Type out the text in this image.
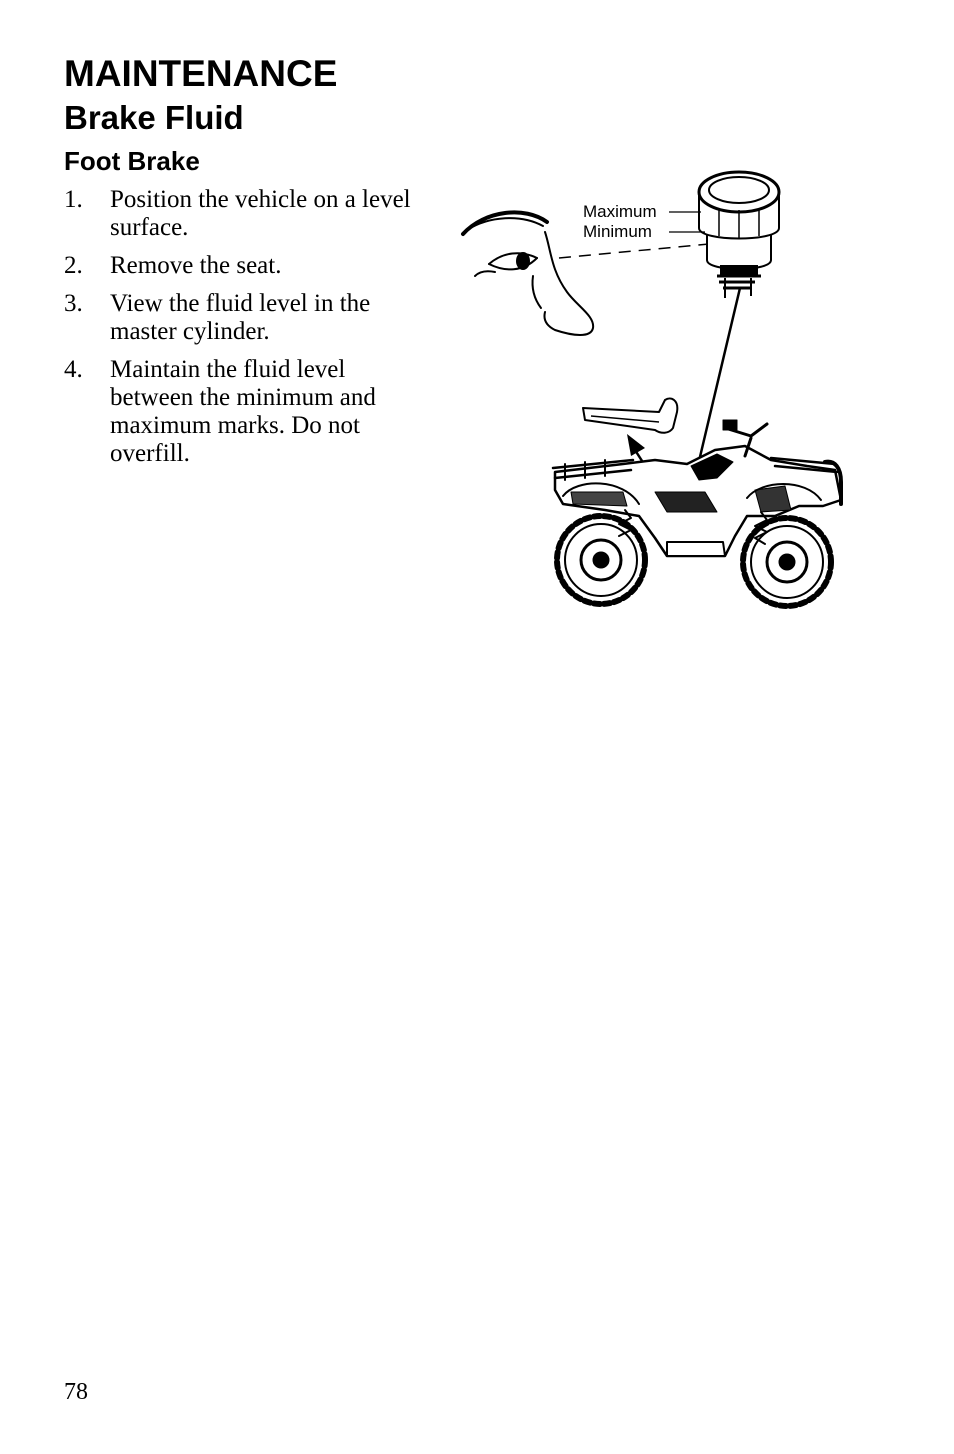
MAINTENANCE
Brake Fluid
Foot Brake
1. Position the vehicle on a level surface.
2. Remove the seat.
3. View the fluid level in the master cylinder.
4. Maintain the fluid level between the minimum and maximum marks. Do not overfill.
Maximum
Minimum

78
